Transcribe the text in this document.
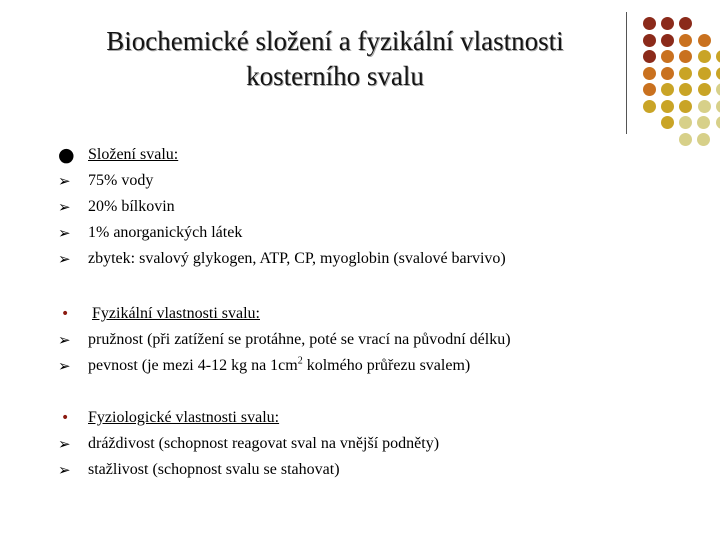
Biochemické složení a fyzikální vlastnosti
kosterního svalu
● Složení svalu:
➢	75% vody
➢	20% bílkovin
➢	1% anorganických látek
➢	zbytek: svalový glykogen, ATP, CP, myoglobin (svalové barvivo)
•	Fyzikální vlastnosti svalu:
➢	pružnost (při zatížení se protáhne, poté se vrací na původní délku)
➢	pevnost (je mezi 4-12 kg na $1cm^2$ kolmého průřezu svalem)
•	Fyziologické vlastnosti svalu:
➢	dráždivost (schopnost reagovat sval na vnější podněty)
➢	stažlivost (schopnost svalu se stahovat)
